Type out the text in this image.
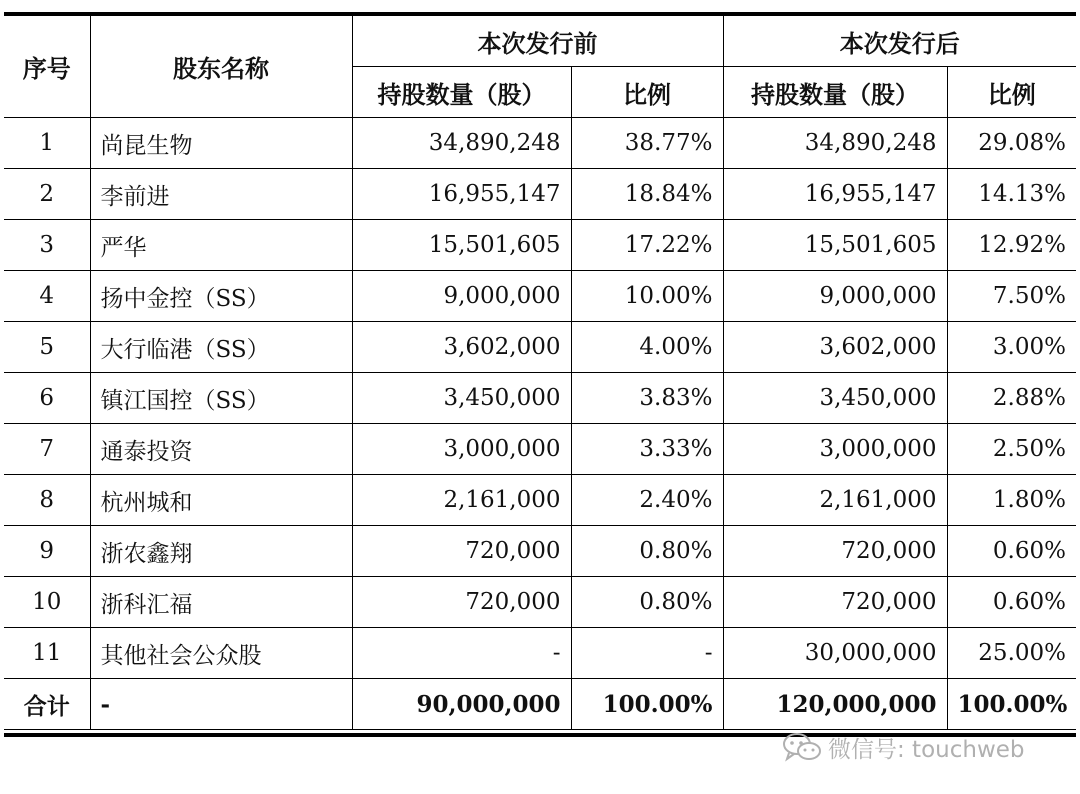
序号	股东名称	本次发行前		本次发行后	
		持股数量（股）	比例	持股数量（股）	比例
1	尚昆生物	34,890,248	38.77%	34,890,248	29.08%
2	李前进	16,955,147	18.84%	16,955,147	14.13%
3	严华	15,501,605	17.22%	15,501,605	12.92%
4	扬中金控（SS）	9,000,000	10.00%	9,000,000	7.50%
5	大行临港（SS）	3,602,000	4.00%	3,602,000	3.00%
6	镇江国控（SS）	3,450,000	3.83%	3,450,000	2.88%
7	通泰投资	3,000,000	3.33%	3,000,000	2.50%
8	杭州城和	2,161,000	2.40%	2,161,000	1.80%
9	浙农鑫翔	720,000	0.80%	720,000	0.60%
10	浙科汇福	720,000	0.80%	720,000	0.60%
11	其他社会公众股	-	-	30,000,000	25.00%
合计	-	90,000,000	100.00%	120,000,000	100.00%
微信号: touchweb
